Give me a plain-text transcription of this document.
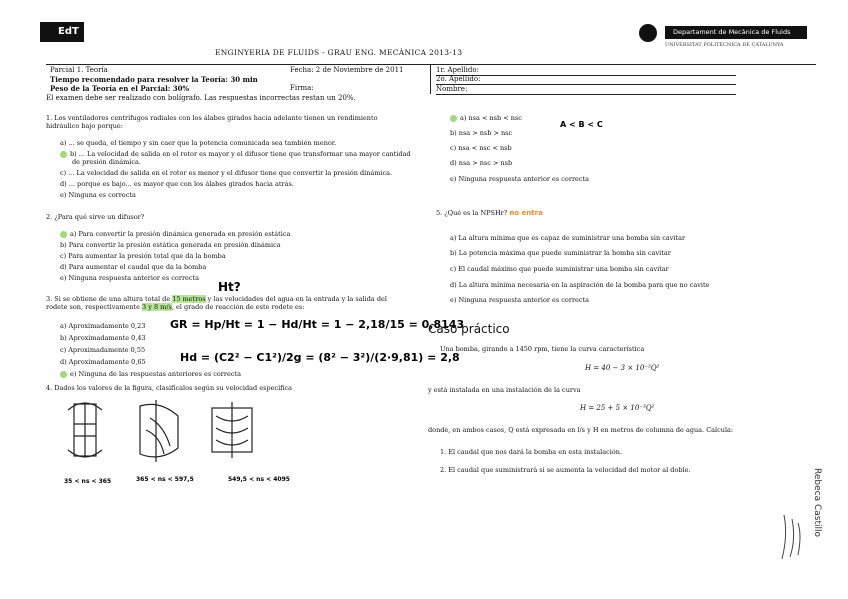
EdT	Departament de Mecànica de Fluids
UNIVERSITAT POLITÈCNICA DE CATALUNYA
ENGINYERIA DE FLUIDS - GRAU ENG. MECÀNICA 2013-13
Parcial 1. Teoría	Fecha: 2 de Noviembre de 2011
Tiempo recomendado para resolver la Teoría: 30 min
Peso de la Teoría en el Parcial: 30%	Firma:
El examen debe ser realizado con bolígrafo. Las respuestas incorrectas restan un 20%.
1r. Apellido:
2o. Apellido:
Nombre:
1. Los ventiladores centrífugos radiales con los álabes girados hacia adelante tienen un rendimiento hidráulico bajo porque:
a) ... se queda, el tiempo y sin caer que la potencia comunicada sea también menor.
b) ... La velocidad de salida en el rotor es mayor y el difusor tiene que transformar una mayor cantidad
de presión dinámica.
c) ... La velocidad de salida en el rotor es menor y el difusor tiene que convertir la presión dinámica.
d) ... porque es bajo... es mayor que con los álabes girados hacia atrás.
e) Ninguna es correcta
2. ¿Para qué sirve un difusor?
a) Para convertir la presión dinámica generada en presión estática
b) Para convertir la presión estática generada en presión dinámica
c) Para aumentar la presión total que da la bomba
d) Para aumentar el caudal que da la bomba
e) Ninguna respuesta anterior es correcta
Ht?
3. Si se obtiene de una altura total de 15 metros y las velocidades del agua en la entrada y la salida del rodete son, respectivamente 3 y 8 m/s, el grado de reacción de este rodete es:
a) Aproximadamente 0,23
b) Aproximadamente 0,43
c) Aproximadamente 0,55
d) Aproximadamente 0,65
e) Ninguna de las respuestas anteriores es correcta
GR = Hp/Ht = 1 − Hd/Ht = 1 − 2,18/15 = 0,8143
Hd = (C2² − C1²)/2g = (8² − 3²)/(2·9,81) = 2,8
4. Dados los valores de la figura, clasifícalos según su velocidad específica
35 < ns < 365	365 < ns < 597,5	549,5 < ns < 4095
a) nsa < nsb < nsc
b) nsa > nsb > nsc
c) nsa < nsc < nsb
d) nsa > nsc > nsb
e) Ninguna respuesta anterior es correcta
A < B < C
5. ¿Qué es la NPSHr? no entra
a) La altura mínima que es capaz de suministrar una bomba sin cavitar
b) La potencia máxima que puede suministrar la bomba sin cavitar
c) El caudal máximo que puede suministrar una bomba sin cavitar
d) La altura mínima necesaria en la aspiración de la bomba para que no cavite
e) Ninguna respuesta anterior es correcta
Caso práctico
Una bomba, girando a 1450 rpm, tiene la curva característica
H = 40 − 3 × 10⁻³Q²
y está instalada en una instalación de la curva
H = 25 + 5 × 10⁻³Q²
donde, en ambos casos, Q está expresada en l/s y H en metros de columna de agua. Calcula:
1. El caudal que nos dará la bomba en esta instalación.
2. El caudal que suministrará si se aumenta la velocidad del motor al doble.	Rebeca Castillo
